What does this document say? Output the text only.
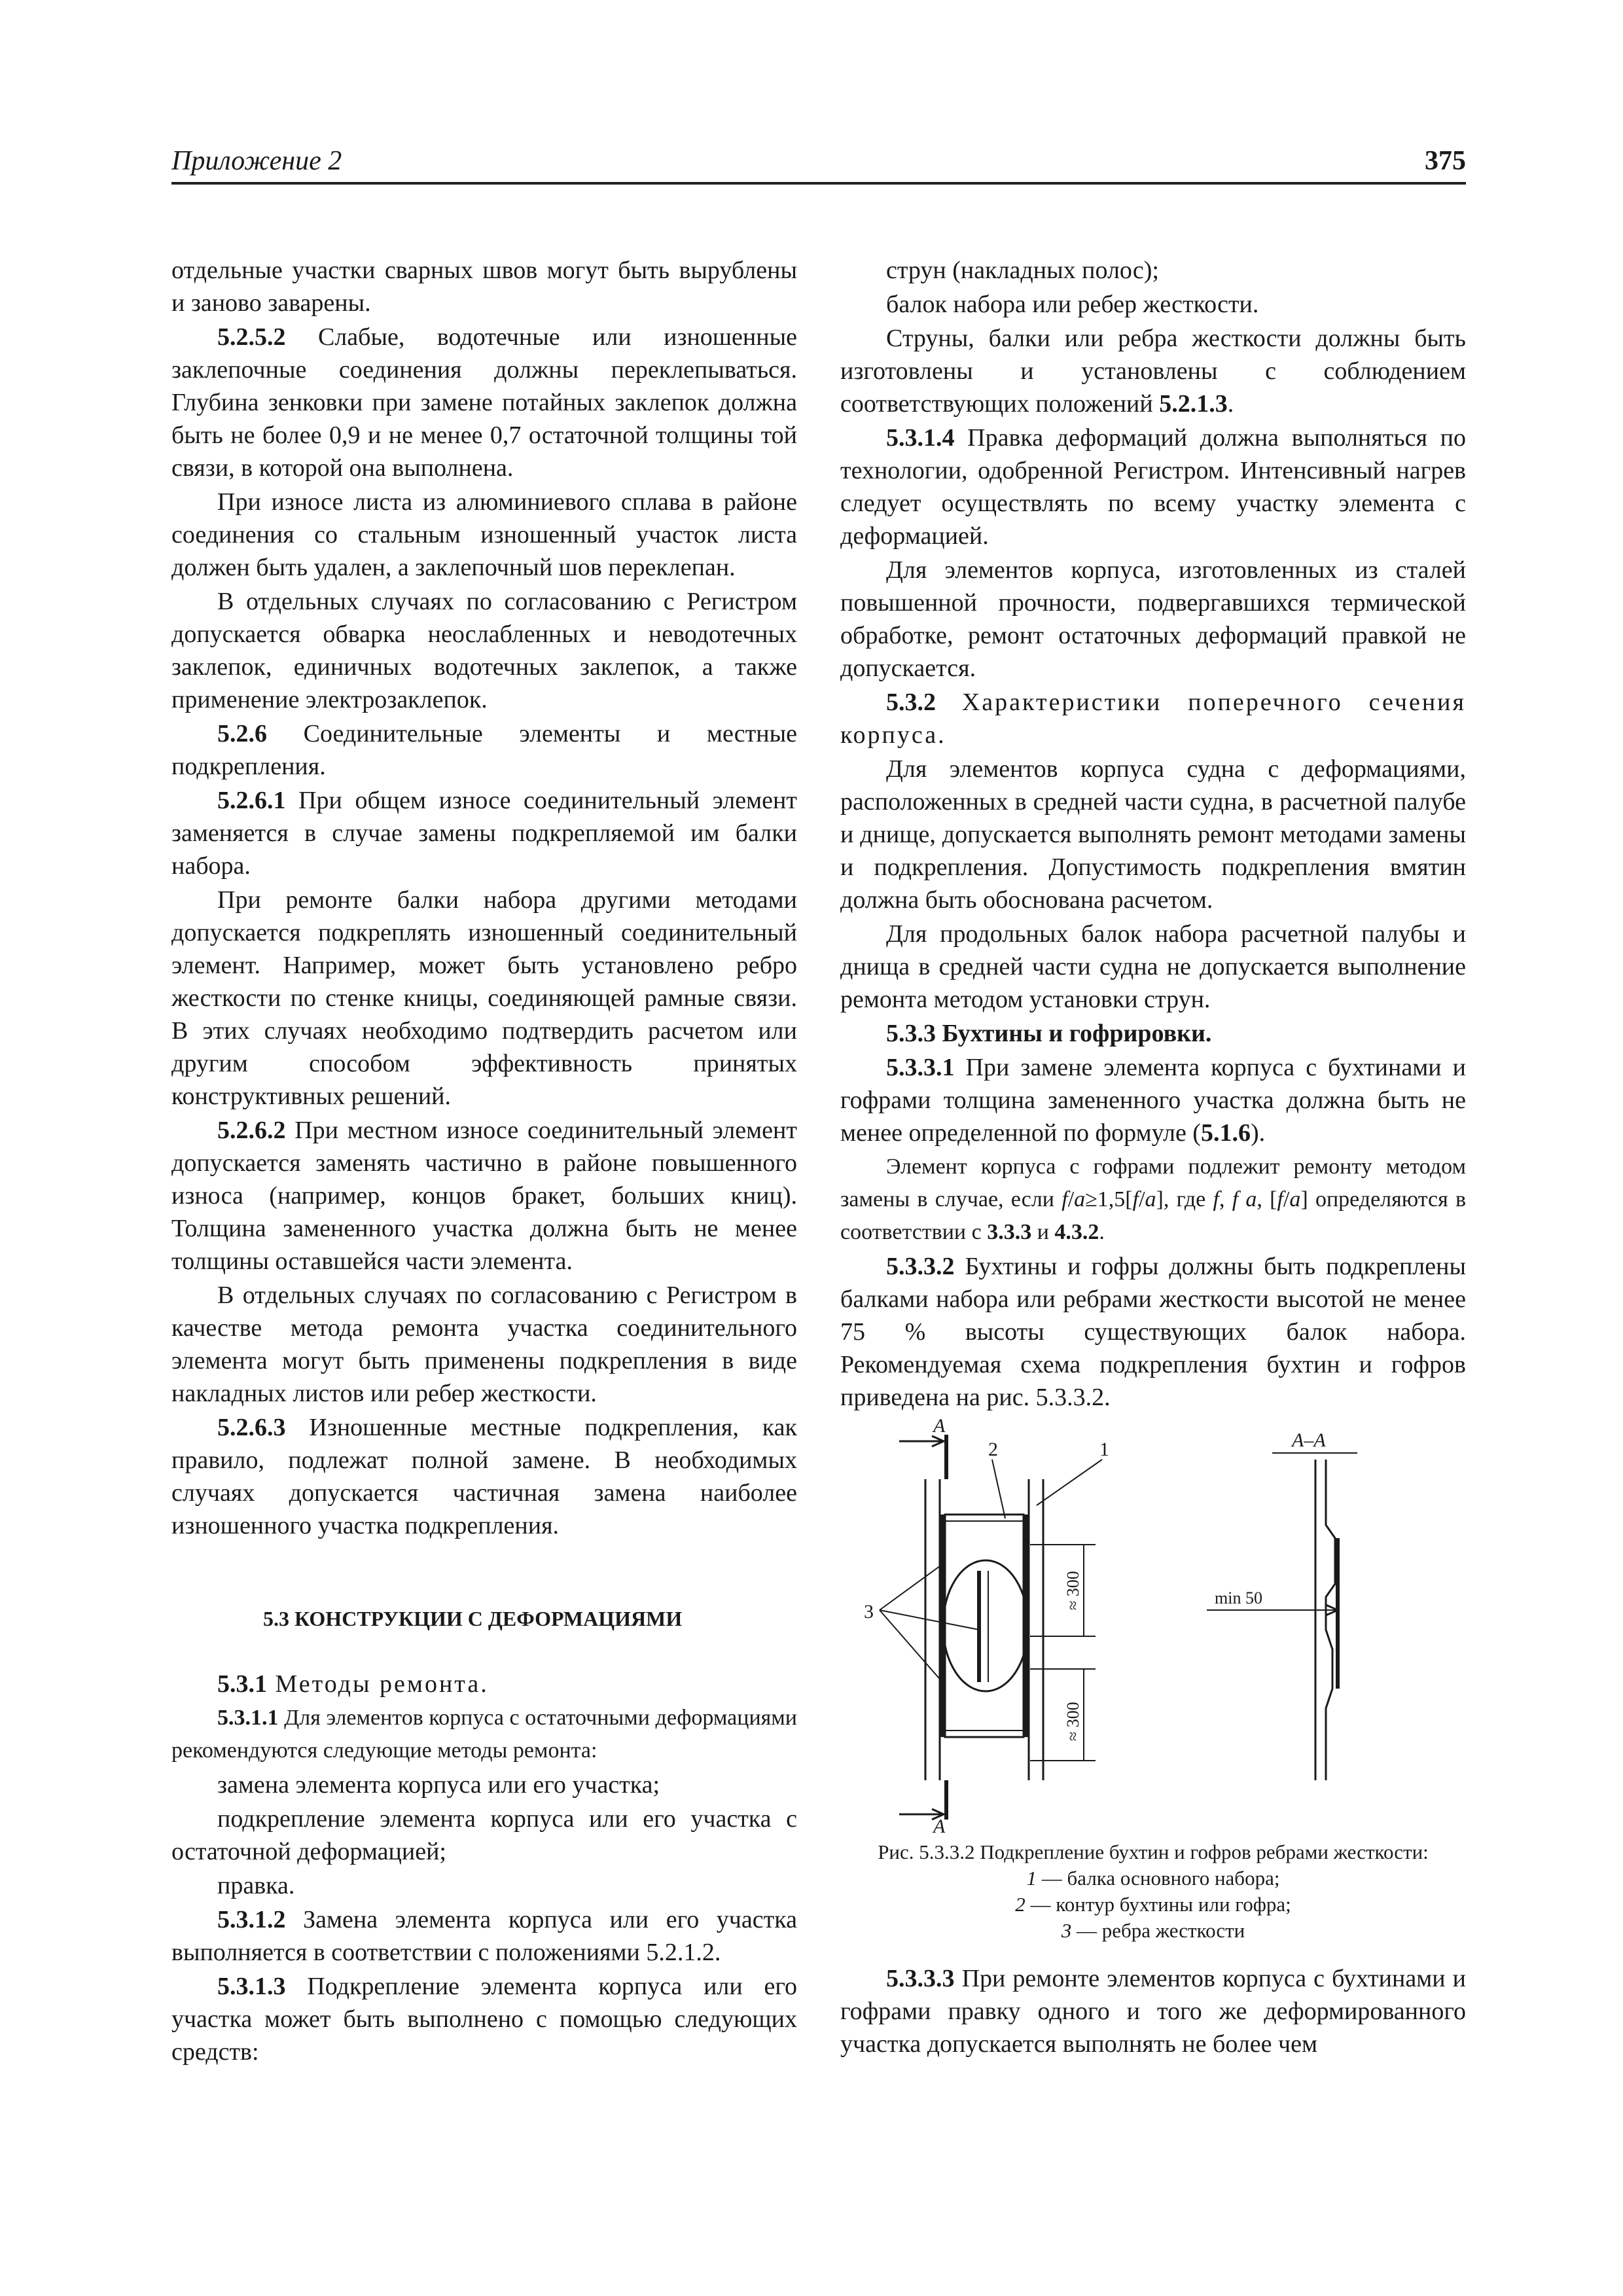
Приложение 2	375

отдельные участки сварных швов могут быть вырублены и заново заварены.

5.2.5.2 Слабые, водотечные или изношенные заклепочные соединения должны переклепываться. Глубина зенковки при замене потайных заклепок должна быть не более 0,9 и не менее 0,7 остаточной толщины той связи, в которой она выполнена.

При износе листа из алюминиевого сплава в районе соединения со стальным изношенный участок листа должен быть удален, а заклепочный шов переклепан.

В отдельных случаях по согласованию с Регистром допускается обварка неослабленных и неводотечных заклепок, единичных водотечных заклепок, а также применение электрозаклепок.

5.2.6 Соединительные элементы и местные подкрепления.

5.2.6.1 При общем износе соединительный элемент заменяется в случае замены подкрепляемой им балки набора.

При ремонте балки набора другими методами допускается подкреплять изношенный соединительный элемент. Например, может быть установлено ребро жесткости по стенке кницы, соединяющей рамные связи. В этих случаях необходимо подтвердить расчетом или другим способом эффективность принятых конструктивных решений.

5.2.6.2 При местном износе соединительный элемент допускается заменять частично в районе повышенного износа (например, концов бракет, больших книц). Толщина замененного участка должна быть не менее толщины оставшейся части элемента.

В отдельных случаях по согласованию с Регистром в качестве метода ремонта участка соединительного элемента могут быть применены подкрепления в виде накладных листов или ребер жесткости.

5.2.6.3 Изношенные местные подкрепления, как правило, подлежат полной замене. В необходимых случаях допускается частичная замена наиболее изношенного участка подкрепления.

5.3 КОНСТРУКЦИИ С ДЕФОРМАЦИЯМИ

5.3.1 Методы ремонта.

5.3.1.1 Для элементов корпуса с остаточными деформациями рекомендуются следующие методы ремонта:

замена элемента корпуса или его участка;

подкрепление элемента корпуса или его участка с остаточной деформацией;

правка.

5.3.1.2 Замена элемента корпуса или его участка выполняется в соответствии с положениями 5.2.1.2.

5.3.1.3 Подкрепление элемента корпуса или его участка может быть выполнено с помощью следующих средств:

струн (накладных полос);

балок набора или ребер жесткости.

Струны, балки или ребра жесткости должны быть изготовлены и установлены с соблюдением соответствующих положений 5.2.1.3.

5.3.1.4 Правка деформаций должна выполняться по технологии, одобренной Регистром. Интенсивный нагрев следует осуществлять по всему участку элемента с деформацией.

Для элементов корпуса, изготовленных из сталей повышенной прочности, подвергавшихся термической обработке, ремонт остаточных деформаций правкой не допускается.

5.3.2 Характеристики поперечного сечения корпуса.

Для элементов корпуса судна с деформациями, расположенных в средней части судна, в расчетной палубе и днище, допускается выполнять ремонт методами замены и подкрепления. Допустимость подкрепления вмятин должна быть обоснована расчетом.

Для продольных балок набора расчетной палубы и днища в средней части судна не допускается выполнение ремонта методом установки струн.

5.3.3 Бухтины и гофрировки.

5.3.3.1 При замене элемента корпуса с бухтинами и гофрами толщина замененного участка должна быть не менее определенной по формуле (5.1.6).

Элемент корпуса с гофрами подлежит ремонту методом замены в случае, если f/a≥1,5[f/a], где f, f a, [f/a] определяются в соответствии с 3.3.3 и 4.3.2.

5.3.3.2 Бухтины и гофры должны быть подкреплены балками набора или ребрами жесткости высотой не менее 75 % высоты существующих балок набора. Рекомендуемая схема подкрепления бухтин и гофров приведена на рис. 5.3.3.2.

A
A
1
2
3
≈ 300
≈ 300
A–A
min 50
Рис. 5.3.3.2 Подкрепление бухтин и гофров ребрами жесткости:
1 — балка основного набора;
2 — контур бухтины или гофра;
3 — ребра жесткости

5.3.3.3 При ремонте элементов корпуса с бухтинами и гофрами правку одного и того же деформированного участка допускается выполнять не более чем
